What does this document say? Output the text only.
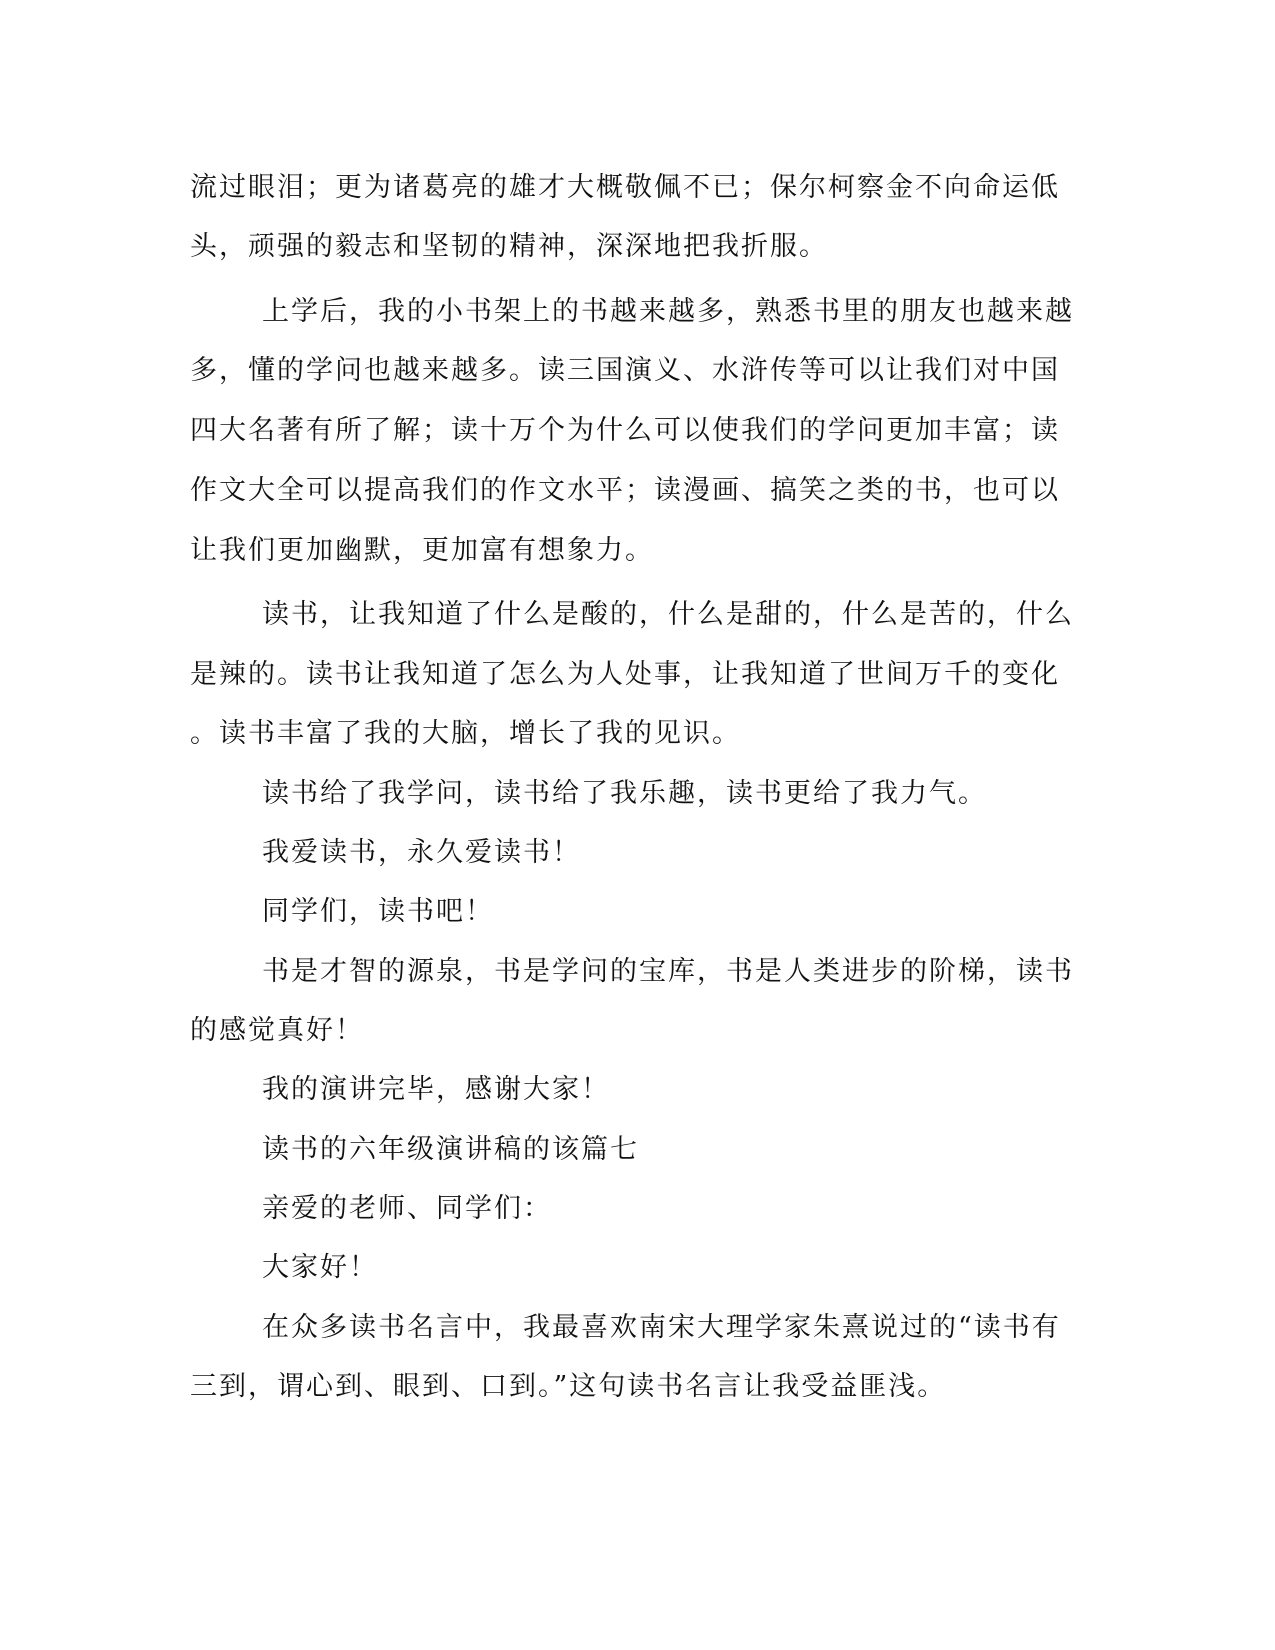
流过眼泪；更为诸葛亮的雄才大概敬佩不已；保尔柯察金不向命运低

头，顽强的毅志和坚韧的精神，深深地把我折服。

上学后，我的小书架上的书越来越多，熟悉书里的朋友也越来越

多，懂的学问也越来越多。读三国演义、水浒传等可以让我们对中国

四大名著有所了解；读十万个为什么可以使我们的学问更加丰富；读

作文大全可以提高我们的作文水平；读漫画、搞笑之类的书，也可以

让我们更加幽默，更加富有想象力。

读书，让我知道了什么是酸的，什么是甜的，什么是苦的，什么

是辣的。读书让我知道了怎么为人处事，让我知道了世间万千的变化

。读书丰富了我的大脑，增长了我的见识。

读书给了我学问，读书给了我乐趣，读书更给了我力气。

我爱读书，永久爱读书！

同学们，读书吧！

书是才智的源泉，书是学问的宝库，书是人类进步的阶梯，读书

的感觉真好！

我的演讲完毕，感谢大家！

读书的六年级演讲稿的该篇七

亲爱的老师、同学们：

大家好！

在众多读书名言中，我最喜欢南宋大理学家朱熹说过的“读书有

三到，谓心到、眼到、口到。”这句读书名言让我受益匪浅。
